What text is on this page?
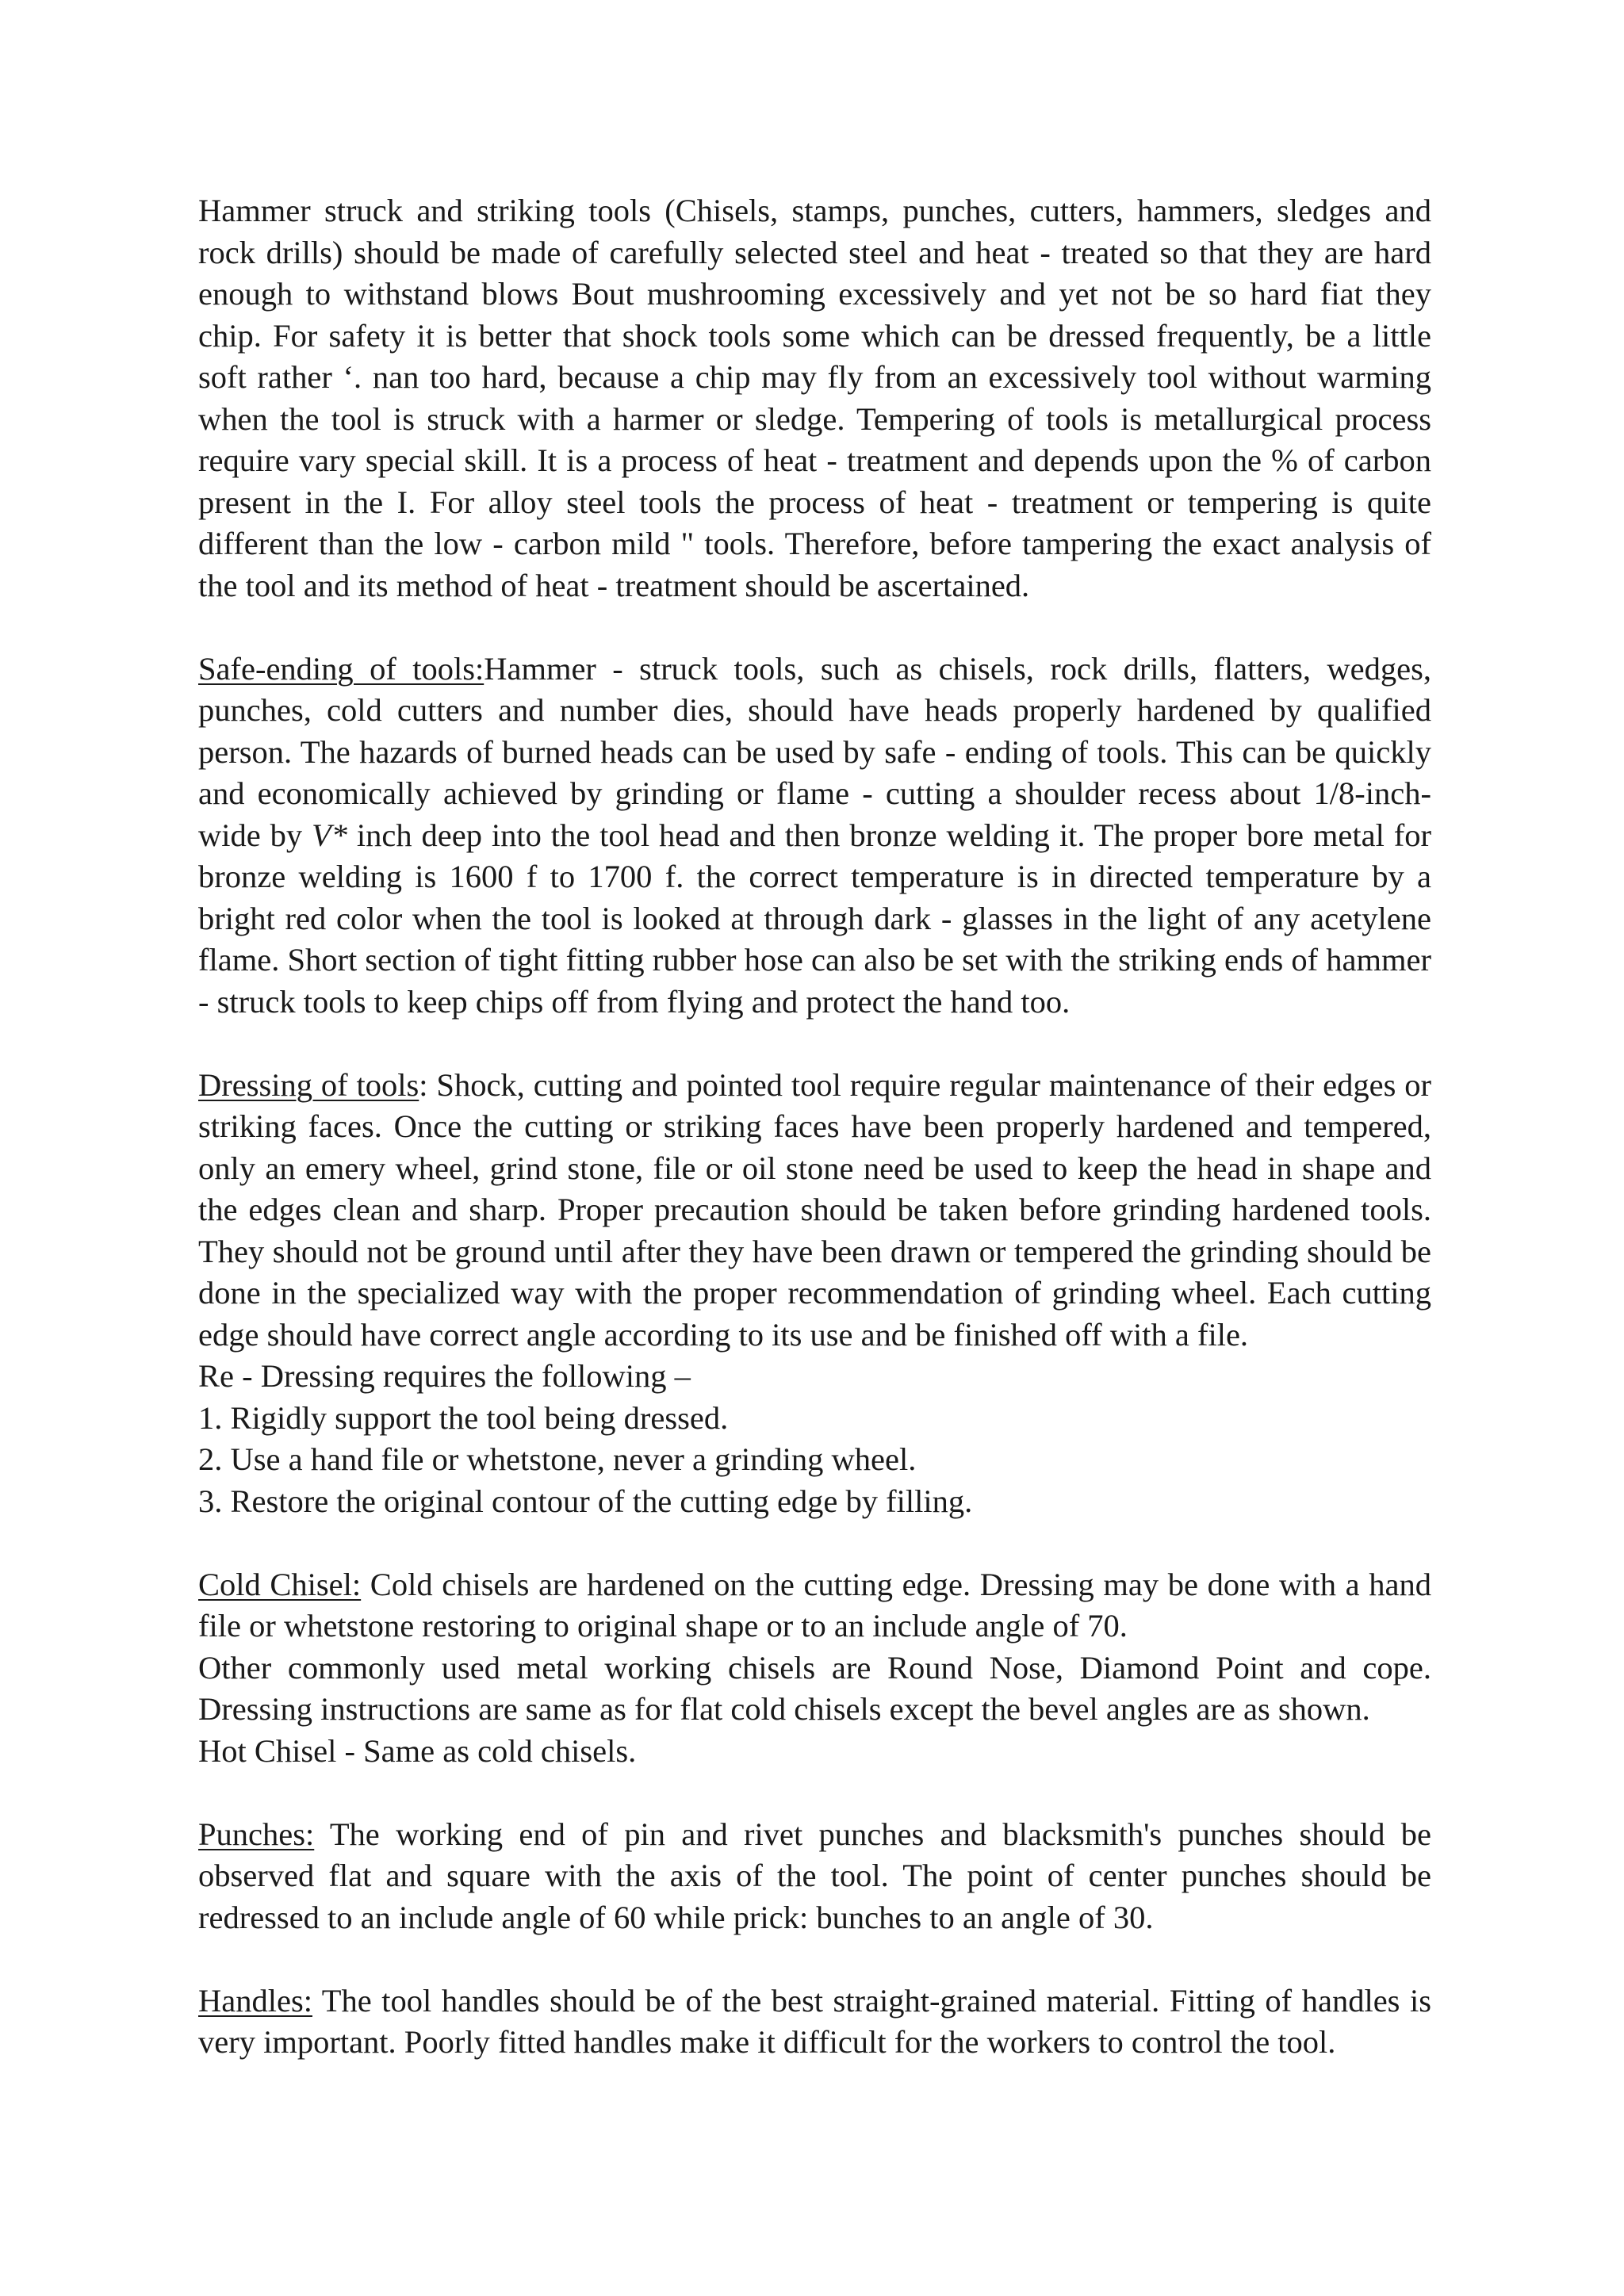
Hammer struck and striking tools (Chisels, stamps, punches, cutters, hammers, sledges and rock drills) should be made of carefully selected steel and heat - treated so that they are hard enough to withstand blows Bout mushrooming excessively and yet not be so hard fiat they chip. For safety it is better that shock tools some which can be dressed frequently, be a little soft rather ‘. nan too hard, because a chip may fly from an excessively tool without warming when the tool is struck with a harmer or sledge. Tempering of tools is metallurgical process require vary special skill. It is a process of heat - treatment and depends upon the % of carbon present in the I. For alloy steel tools the process of heat - treatment or tempering is quite different than the low - carbon mild " tools. Therefore, before tampering the exact analysis of the tool and its method of heat - treatment should be ascertained.

Safe-ending of tools:Hammer - struck tools, such as chisels, rock drills, flatters, wedges, punches, cold cutters and number dies, should have heads properly hardened by qualified person. The hazards of burned heads can be used by safe - ending of tools. This can be quickly and economically achieved by grinding or flame - cutting a shoulder recess about 1/8-inch-wide by V* inch deep into the tool head and then bronze welding it. The proper bore metal for bronze welding is 1600 f to 1700 f. the correct temperature is in directed temperature by a bright red color when the tool is looked at through dark - glasses in the light of any acetylene flame. Short section of tight fitting rubber hose can also be set with the striking ends of hammer - struck tools to keep chips off from flying and protect the hand too.

Dressing of tools: Shock, cutting and pointed tool require regular maintenance of their edges or striking faces. Once the cutting or striking faces have been properly hardened and tempered, only an emery wheel, grind stone, file or oil stone need be used to keep the head in shape and the edges clean and sharp. Proper precaution should be taken before grinding hardened tools. They should not be ground until after they have been drawn or tempered the grinding should be done in the specialized way with the proper recommendation of grinding wheel. Each cutting edge should have correct angle according to its use and be finished off with a file.

Re - Dressing requires the following –

1. Rigidly support the tool being dressed.

2. Use a hand file or whetstone, never a grinding wheel.

3. Restore the original contour of the cutting edge by filling.

Cold Chisel: Cold chisels are hardened on the cutting edge. Dressing may be done with a hand file or whetstone restoring to original shape or to an include angle of 70.

Other commonly used metal working chisels are Round Nose, Diamond Point and cope. Dressing instructions are same as for flat cold chisels except the bevel angles are as shown.

Hot Chisel - Same as cold chisels.

Punches: The working end of pin and rivet punches and blacksmith's punches should be observed flat and square with the axis of the tool. The point of center punches should be redressed to an include angle of 60 while prick: bunches to an angle of 30.

Handles: The tool handles should be of the best straight-grained material. Fitting of handles is very important. Poorly fitted handles make it difficult for the workers to control the tool.
